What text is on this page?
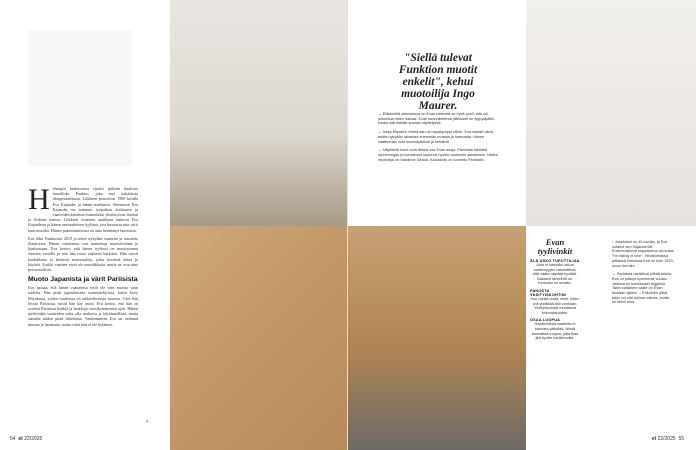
H elsingin keskustassa sijaitsi pitkään kuuluisa muotiliike Funktio, joka myi italialaista designvaatetusta. Liikkeen perustivat 1980-luvulla Eva Kajander ja hänen miehensä. Sittemmin Eva Kajander on toiminut työpaikan kulttuurin ja vaatteiden kentässä esimerkiksi yhteistyössä Iittalan ja Arabian kanssa. Liikkeen ostaneen asiakkaat tuntevat Eva Kajanderin ja hänen omintakeisen tyylinsä, jota kuvaavat niin värit kuin muodot. Hänen pukeutumisensa on aina herättänyt huomiota.

Eva lähti Funktiosta 2019 ja tekee nykyään vaatteita ja asusteita tilauksesta. Hänen vaatteensa ovat tunnettuja muotoilultaan ja kankaistaan. Eva kertoo, että hänen tyylinsä on muotoutunut vuosien varrella ja että hän ostaa vaatteita harkiten. Hän suosii laadukkaita ja kestäviä materiaaleja, jotka kestävät aikaa ja käyttöä. Kaikki vaatteet eivät ole muodikkaita, mutta ne ovat aina persoonallisia.

Muoto Japanista ja värit Pariisista

Eva haluaa, että hänen vaatteensa eivät ole vain muotia vaan taidetta. Hän pitää japanilaisista suunnittelijoista, kuten Issey Miyakesta, joiden vaatteissa on arkkitehtonista muotoa. Värit hän löytää Pariisista, missä hän käy usein. Eva kertoo, että hän on ostanut Pariisista kenkiä ja laukkuja vuosikymmenten ajan. Hänen mielestään vaatteiden tulee olla mukavia ja käytännöllisiä, mutta samalla niiden pitää ilahduttaa. Vanhemmiten Eva on valinnut mustaa ja harmaata, mutta väriä hän ei ole hylännyt.

›
54 et 22/2025
"Siellä tulevat Funktion muotit enkelit", kehui muotoilija Ingo Maurer.

← Eläkkeellä olemisessa on Evan mielestä se hyvä puoli, että voi pukeutua miten haluaa. Evan suunnittelema jättiruseti on tyypytäjältä, koska sitä ihailtiin kovasti näyttelyssä.

← Issey Miyaken vihreä asu oli napakymppi silloin. Eva rakasti väriä, mutta nykyään rakastaa enemmän mustaa ja harmaata. Hänen vaatteensa ovat monikäyttöisiä ja kestäviä.

← Näyttävät korut ovat tärkeä osa Evan asuja. Pariisista hankitut rannerengas ja korvakorut kuuluvat hyviksi tuntemiin asusteisiin. Niiden muotoilija on Sandrine Giraud. Kaulakoru on tuomittu Pariisista.

Evan tyylivinkit
ÄLÄ USKO TUPUTTAJAA

Aina ei kannata uskoa vaatemyyjän vakuuttelua, että vaate näyttää hyvältä. Kaikkein tärkeintä on, tuntuuko se omalta.

PANOSTA YKSITYISKOHTIIN

Kun hankit uutta, mieti, miten voit yhdistää sitä vanhaan. Yksityiskohdat muuttavat kokonaisuuden.

OSAA LUOPUA

Haasteellisia vaatteita ei kannata säilyttää. Niistä kannattaa luopua, jotta tilaa jää hyville hankinnoille.

↑ Jukeboksi on 40-luvulta, ja Eva ostanut sen Kajanderille. Ensimmäisenä kappaleena sai soida "I'm falling in love". Hihattomassa pitkässä mekossa Eva on kuin 1920-luvun heroiini.

← Pariisista hankittua pitkää takkia Eva on pitänyt kymmeniä vuosia. Jalassa on kukikkaiset legginsit. Takin kaltainen vaate on Evan mukaan ajaton. – Erikoinen pitkä takki voi olla rohkea valinta, mutta se toimii aina.

et 22/2025 55
